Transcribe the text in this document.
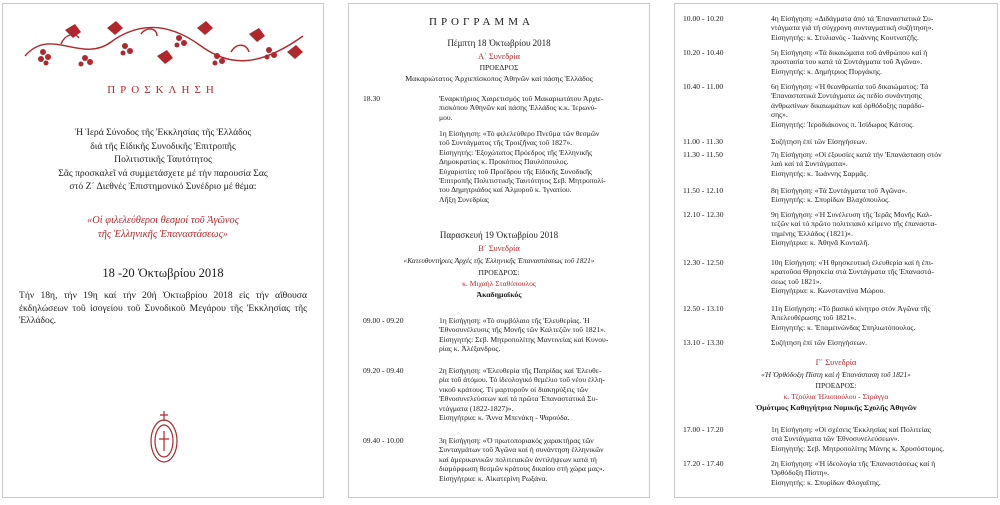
ΠΡΟΣΚΛΗΣΗ
Ἡ Ἱερά Σύνοδος τῆς Ἐκκλησίας τῆς Ἑλλάδος
διά τῆς Εἰδικῆς Συνοδικῆς Ἐπιτροπῆς
Πολιτιστικῆς Ταυτότητος
Σᾶς προσκαλεῖ νά συμμετάσχετε μέ τήν παρουσία Σας
στό Ζ΄ Διεθνές Ἐπιστημονικό Συνέδριο μέ θέμα:
«Οἱ φιλελεύθεροι θεσμοί τοῦ Ἀγῶνος
τῆς Ἑλληνικῆς Ἐπαναστάσεως»
18 -20 Ὀκτωβρίου 2018
Τήν 18η, τήν 19η καί τήν 20ή Ὀκτωβρίου 2018 εἰς τήν αἴθουσα ἐκδηλώσεων τοῦ ἰσογείου τοῦ Συνοδικοῦ Μεγάρου τῆς Ἐκκλησίας τῆς Ἑλλάδος.
ΠΡΟΓΡΑΜΜΑ
Πέμπτη 18 Ὀκτωβρίου 2018
Α΄ Συνεδρία
ΠΡΟΕΔΡΟΣ
Μακαριώτατος Ἀρχιεπίσκοπος Ἀθηνῶν καί πάσης Ἑλλάδος
18.30	Ἐναρκτήριος Χαιρετισμός τοῦ Μακαριωτάτου Ἀρχιε-
πισκόπου Ἀθηνῶν καί πάσης Ἑλλάδος κ.κ. Ἱερωνύ-
μου.
1η Εἰσήγηση: «Τό φιλελεύθερο Πνεῦμα τῶν θεσμῶν
τοῦ Συντάγματος τῆς Τροιζῆνας τοῦ 1827».
Εἰσηγητής: Ἐξοχώτατος Πρόεδρος τῆς Ἑλληνικῆς
Δημοκρατίας κ. Προκόπιος Παυλόπουλος.
Εὐχαριστίες τοῦ Προέδρου τῆς Εἰδικῆς Συνοδικῆς
Ἐπιτροπῆς Πολιτιστικῆς Ταυτότητος Σεβ. Μητροπολί-
του Δημητριάδος καί Ἁλμυροῦ κ. Ἰγνατίου.
Λῆξη Συνεδρίας
Παρασκευή 19 Ὀκτωβρίου 2018
Β΄ Συνεδρία
«Κατευθυντήριες Ἀρχές τῆς Ἑλληνικῆς Ἐπαναστάσεως τοῦ 1821»
ΠΡΟΕΔΡΟΣ:
κ. Μιχαήλ Σταθόπουλος
Ἀκαδημαϊκός
09.00 - 09.20	1η Εἰσήγηση: «Τό συμβόλαιο τῆς Ἐλευθερίας. Ἡ
Ἐθνοσυνέλευσις τῆς Μονῆς τῶν Καλτεζῶν τοῦ 1821».
Εἰσηγητής: Σεβ. Μητροπολίτης Μαντινείας καί Κυνου-
ρίας κ. Ἀλέξανδρος.
09.20 - 09.40	2η Εἰσήγηση: «Ἐλευθερία τῆς Πατρίδας καί Ἐλευθε-
ρία τοῦ ἀτόμου. Τό ἰδεολογικό θεμέλιο τοῦ νέου ἑλλη-
νικοῦ κράτους. Τί μαρτυροῦν οἱ διακηρύξεις τῶν
Ἐθνοσυνελεύσεων καί τά πρῶτα Ἐπαναστατικά Συ-
ντάγματα (1822-1827)».
Εἰσηγήτρια: κ. Ἄννα Μπενάκη - Ψαρούδα.
09.40 - 10.00	3η Εἰσήγηση: «Ὁ πρωτοποριακός χαρακτήρας τῶν
Συνταγμάτων τοῦ Ἀγῶνα καί ἡ συνάντηση ἑλληνικῶν
καί ἀμερικανικῶν πολιτειακῶν ἀντιλήψεων κατά τή
διαμόρφωση θεσμῶν κράτους δικαίου στή χώρα μας».
Εἰσηγήτρια: κ. Αἰκατερίνη Ρωξάνα.
10.00 - 10.20	4η Εἰσήγηση: «Διδάγματα ἀπό τά Ἐπαναστατικά Συ-
ντάγματα γιά τή σύγχρονη συνταγματική συζήτηση».
Εἰσηγητής: κ. Στυλιανός - Ἰωάννης Κουτνατζῆς.
10.20 - 10.40	5η Εἰσήγηση: «Τά δικαιώματα τοῦ ἀνθρώπου καί ἡ
προστασία του κατά τά Συντάγματα τοῦ Ἀγῶνα».
Εἰσηγητής: κ. Δημήτριος Πυργάκης.
10.40 - 11.00	6η Εἰσήγηση: «Ἡ θεανθρωπία τοῦ δικαιώματος: Τά
Ἐπαναστατικά Συντάγματα ὡς πεδίο συνάντησης
ἀνθρωπίνων δικαιωμάτων καί ὀρθόδοξης παράδο-
σης».
Εἰσηγητής: Ἱεροδιάκονος π. Ἰσίδωρος Κάτσος.
11.00 - 11.30	Συζήτηση ἐπί τῶν Εἰσηγήσεων.
11.30 - 11.50	7η Εἰσήγηση: «Οἱ ἐξουσίες κατά τήν Ἐπανάσταση στόν
λαό καί τά Συντάγματα».
Εἰσηγητής: κ. Ἰωάννης Σαρμᾶς.
11.50 - 12.10	8η Εἰσήγηση: «Τά Συντάγματα τοῦ Ἀγῶνα».
Εἰσηγητής: κ. Σπυρίδων Βλαχόπουλος.
12.10 - 12.30	9η Εἰσήγηση: «Ἡ Συνέλευση τῆς Ἱερᾶς Μονῆς Καλ-
τεζῶν καί τό πρῶτο πολιτειακό κείμενο τῆς ἐπαναστα-
τημένης Ἑλλάδος (1821)».
Εἰσηγήτρια: κ. Ἀθηνᾶ Κονταλῆ.
12.30 - 12.50	10η Εἰσήγηση: «Ἡ θρησκευτική ἐλευθερία καί ἡ ἐπι-
κρατοῦσα Θρησκεία στά Συντάγματα τῆς Ἐπαναστά-
σεως τοῦ 1821».
Εἰσηγήτρια: κ. Κωνσταντίνα Μώρου.
12.50 - 13.10	11η Εἰσήγηση: «Τό βασικό κίνητρο στόν Ἀγῶνα τῆς
Ἀπελευθέρωσης τοῦ 1821».
Εἰσηγητής: κ. Ἐπαμεινώνδας Σπηλιωτόπουλος.
13.10 - 13.30	Συζήτηση ἐπί τῶν Εἰσηγήσεων.
Γ΄ Συνεδρία
«Ἡ Ὀρθόδοξη Πίστη καί ἡ Ἐπανάσταση τοῦ 1821»
ΠΡΟΕΔΡΟΣ:
κ. Τζούλια Ἠλιοπούλου - Στράγγα
Ὁμότιμος Καθηγήτρια Νομικῆς Σχολῆς Ἀθηνῶν
17.00 - 17.20	1η Εἰσήγηση: «Οἱ σχέσεις Ἐκκλησίας καί Πολιτείας
στά Συντάγματα τῶν Ἐθνοσυνελεύσεων».
Εἰσηγητής: Σεβ. Μητροπολίτης Μάνης κ. Χρυσόστομος.
17.20 - 17.40	2η Εἰσήγηση: «Ἡ ἰδεολογία τῆς Ἐπαναστάσεως καί ἡ
Ὀρθόδοξη Πίστη».
Εἰσηγητής: κ. Σπυρίδων Φλογαΐτης.
